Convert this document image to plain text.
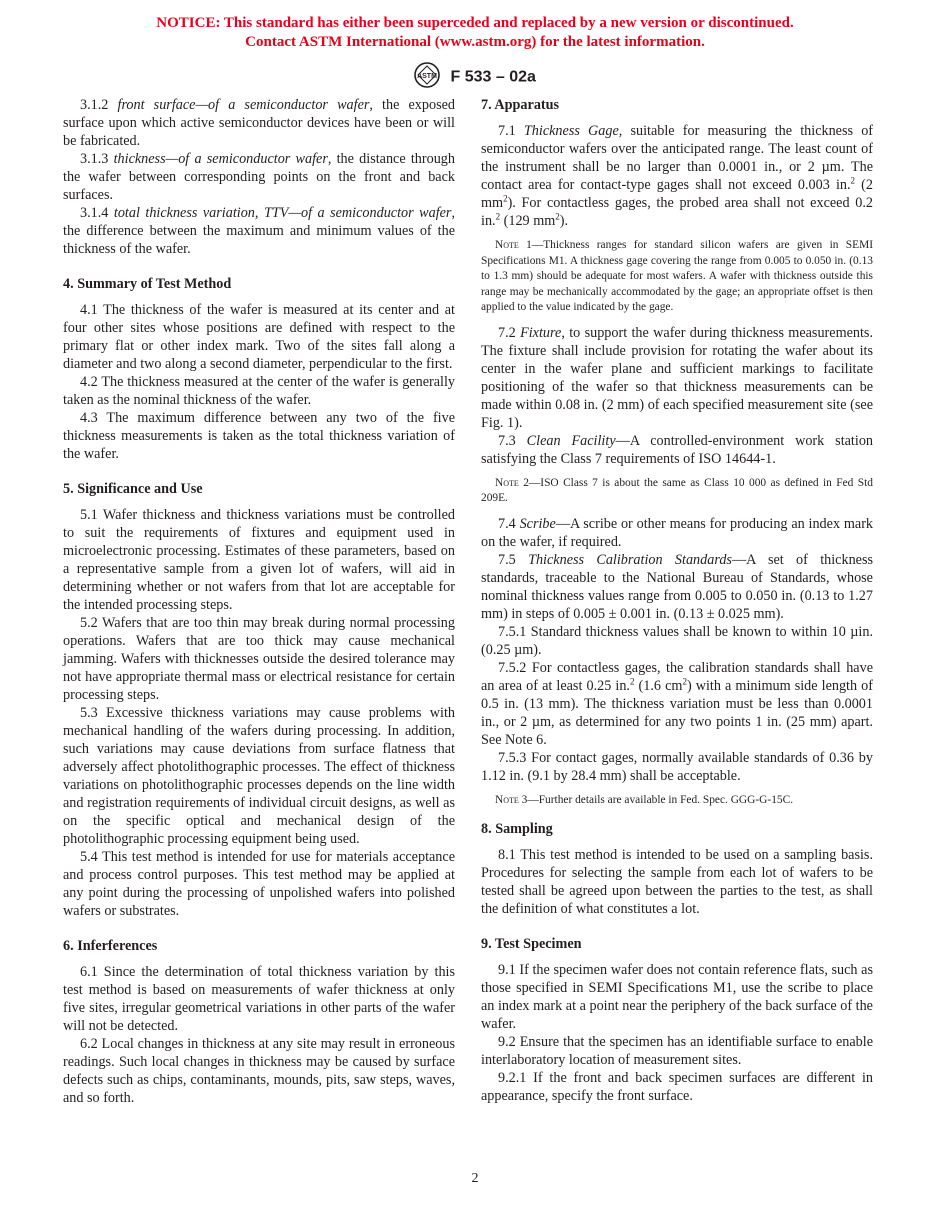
NOTICE: This standard has either been superceded and replaced by a new version or discontinued.
Contact ASTM International (www.astm.org) for the latest information.
ASTM F 533 – 02a

3.1.2 front surface—of a semiconductor wafer, the exposed surface upon which active semiconductor devices have been or will be fabricated.

3.1.3 thickness—of a semiconductor wafer, the distance through the wafer between corresponding points on the front and back surfaces.

3.1.4 total thickness variation, TTV—of a semiconductor wafer, the difference between the maximum and minimum values of the thickness of the wafer.

4. Summary of Test Method

4.1 The thickness of the wafer is measured at its center and at four other sites whose positions are defined with respect to the primary flat or other index mark. Two of the sites fall along a diameter and two along a second diameter, perpendicular to the first.

4.2 The thickness measured at the center of the wafer is generally taken as the nominal thickness of the wafer.

4.3 The maximum difference between any two of the five thickness measurements is taken as the total thickness variation of the wafer.

5. Significance and Use

5.1 Wafer thickness and thickness variations must be controlled to suit the requirements of fixtures and equipment used in microelectronic processing. Estimates of these parameters, based on a representative sample from a given lot of wafers, will aid in determining whether or not wafers from that lot are acceptable for the intended processing steps.

5.2 Wafers that are too thin may break during normal processing operations. Wafers that are too thick may cause mechanical jamming. Wafers with thicknesses outside the desired tolerance may not have appropriate thermal mass or electrical resistance for certain processing steps.

5.3 Excessive thickness variations may cause problems with mechanical handling of the wafers during processing. In addition, such variations may cause deviations from surface flatness that adversely affect photolithographic processes. The effect of thickness variations on photolithographic processes depends on the line width and registration requirements of individual circuit designs, as well as on the specific optical and mechanical design of the photolithographic processing equipment being used.

5.4 This test method is intended for use for materials acceptance and process control purposes. This test method may be applied at any point during the processing of unpolished wafers into polished wafers or substrates.

6. Inferferences

6.1 Since the determination of total thickness variation by this test method is based on measurements of wafer thickness at only five sites, irregular geometrical variations in other parts of the wafer will not be detected.

6.2 Local changes in thickness at any site may result in erroneous readings. Such local changes in thickness may be caused by surface defects such as chips, contaminants, mounds, pits, saw steps, waves, and so forth.

7. Apparatus

7.1 Thickness Gage, suitable for measuring the thickness of semiconductor wafers over the anticipated range. The least count of the instrument shall be no larger than 0.0001 in., or 2 µm. The contact area for contact-type gages shall not exceed 0.003 in.$^2$ (2 $mm^2$). For contactless gages, the probed area shall not exceed 0.2 in.$^2$ (129 $mm^2$).

Note 1—Thickness ranges for standard silicon wafers are given in SEMI Specifications M1. A thickness gage covering the range from 0.005 to 0.050 in. (0.13 to 1.3 mm) should be adequate for most wafers. A wafer with thickness outside this range may be mechanically accommodated by the gage; an appropriate offset is then applied to the value indicated by the gage.

7.2 Fixture, to support the wafer during thickness measurements. The fixture shall include provision for rotating the wafer about its center in the wafer plane and sufficient markings to facilitate positioning of the wafer so that thickness measurements can be made within 0.08 in. (2 mm) of each specified measurement site (see Fig. 1).

7.3 Clean Facility—A controlled-environment work station satisfying the Class 7 requirements of ISO 14644-1.

Note 2—ISO Class 7 is about the same as Class 10 000 as defined in Fed Std 209E.

7.4 Scribe—A scribe or other means for producing an index mark on the wafer, if required.

7.5 Thickness Calibration Standards—A set of thickness standards, traceable to the National Bureau of Standards, whose nominal thickness values range from 0.005 to 0.050 in. (0.13 to 1.27 mm) in steps of 0.005 ± 0.001 in. (0.13 ± 0.025 mm).

7.5.1 Standard thickness values shall be known to within 10 µin. (0.25 µm).

7.5.2 For contactless gages, the calibration standards shall have an area of at least 0.25 in.$^2$ (1.6 $cm^2$) with a minimum side length of 0.5 in. (13 mm). The thickness variation must be less than 0.0001 in., or 2 µm, as determined for any two points 1 in. (25 mm) apart. See Note 6.

7.5.3 For contact gages, normally available standards of 0.36 by 1.12 in. (9.1 by 28.4 mm) shall be acceptable.

Note 3—Further details are available in Fed. Spec. GGG-G-15C.

8. Sampling

8.1 This test method is intended to be used on a sampling basis. Procedures for selecting the sample from each lot of wafers to be tested shall be agreed upon between the parties to the test, as shall the definition of what constitutes a lot.

9. Test Specimen

9.1 If the specimen wafer does not contain reference flats, such as those specified in SEMI Specifications M1, use the scribe to place an index mark at a point near the periphery of the back surface of the wafer.

9.2 Ensure that the specimen has an identifiable surface to enable interlaboratory location of measurement sites.

9.2.1 If the front and back specimen surfaces are different in appearance, specify the front surface.

2
